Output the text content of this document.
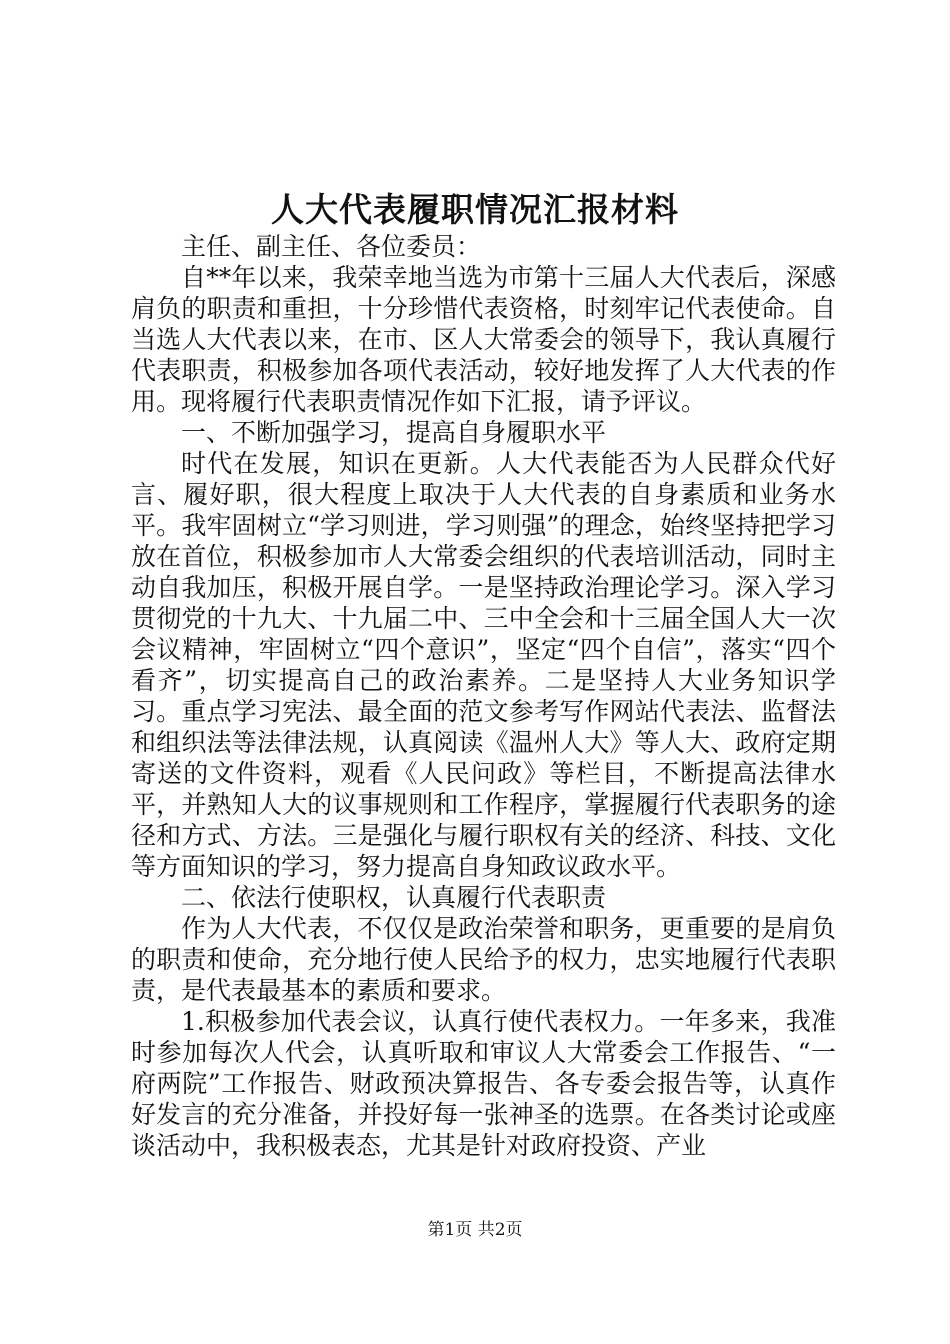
人大代表履职情况汇报材料

主任、副主任、各位委员：

自**年以来，我荣幸地当选为市第十三届人大代表后，深感肩负的职责和重担，十分珍惜代表资格，时刻牢记代表使命。自当选人大代表以来，在市、区人大常委会的领导下，我认真履行代表职责，积极参加各项代表活动，较好地发挥了人大代表的作用。现将履行代表职责情况作如下汇报，请予评议。

一、不断加强学习，提高自身履职水平

时代在发展，知识在更新。人大代表能否为人民群众代好言、履好职，很大程度上取决于人大代表的自身素质和业务水平。我牢固树立“学习则进，学习则强”的理念，始终坚持把学习放在首位，积极参加市人大常委会组织的代表培训活动，同时主动自我加压，积极开展自学。一是坚持政治理论学习。深入学习贯彻党的十九大、十九届二中、三中全会和十三届全国人大一次会议精神，牢固树立“四个意识”，坚定“四个自信”，落实“四个看齐”，切实提高自己的政治素养。二是坚持人大业务知识学习。重点学习宪法、最全面的范文参考写作网站代表法、监督法和组织法等法律法规，认真阅读《温州人大》等人大、政府定期寄送的文件资料，观看《人民问政》等栏目，不断提高法律水平，并熟知人大的议事规则和工作程序，掌握履行代表职务的途径和方式、方法。三是强化与履行职权有关的经济、科技、文化等方面知识的学习，努力提高自身知政议政水平。

二、依法行使职权，认真履行代表职责

作为人大代表，不仅仅是政治荣誉和职务，更重要的是肩负的职责和使命，充分地行使人民给予的权力，忠实地履行代表职责，是代表最基本的素质和要求。

1.积极参加代表会议，认真行使代表权力。一年多来，我准时参加每次人代会，认真听取和审议人大常委会工作报告、“一府两院”工作报告、财政预决算报告、各专委会报告等，认真作好发言的充分准备，并投好每一张神圣的选票。在各类讨论或座谈活动中，我积极表态，尤其是针对政府投资、产业

第1页 共2页
